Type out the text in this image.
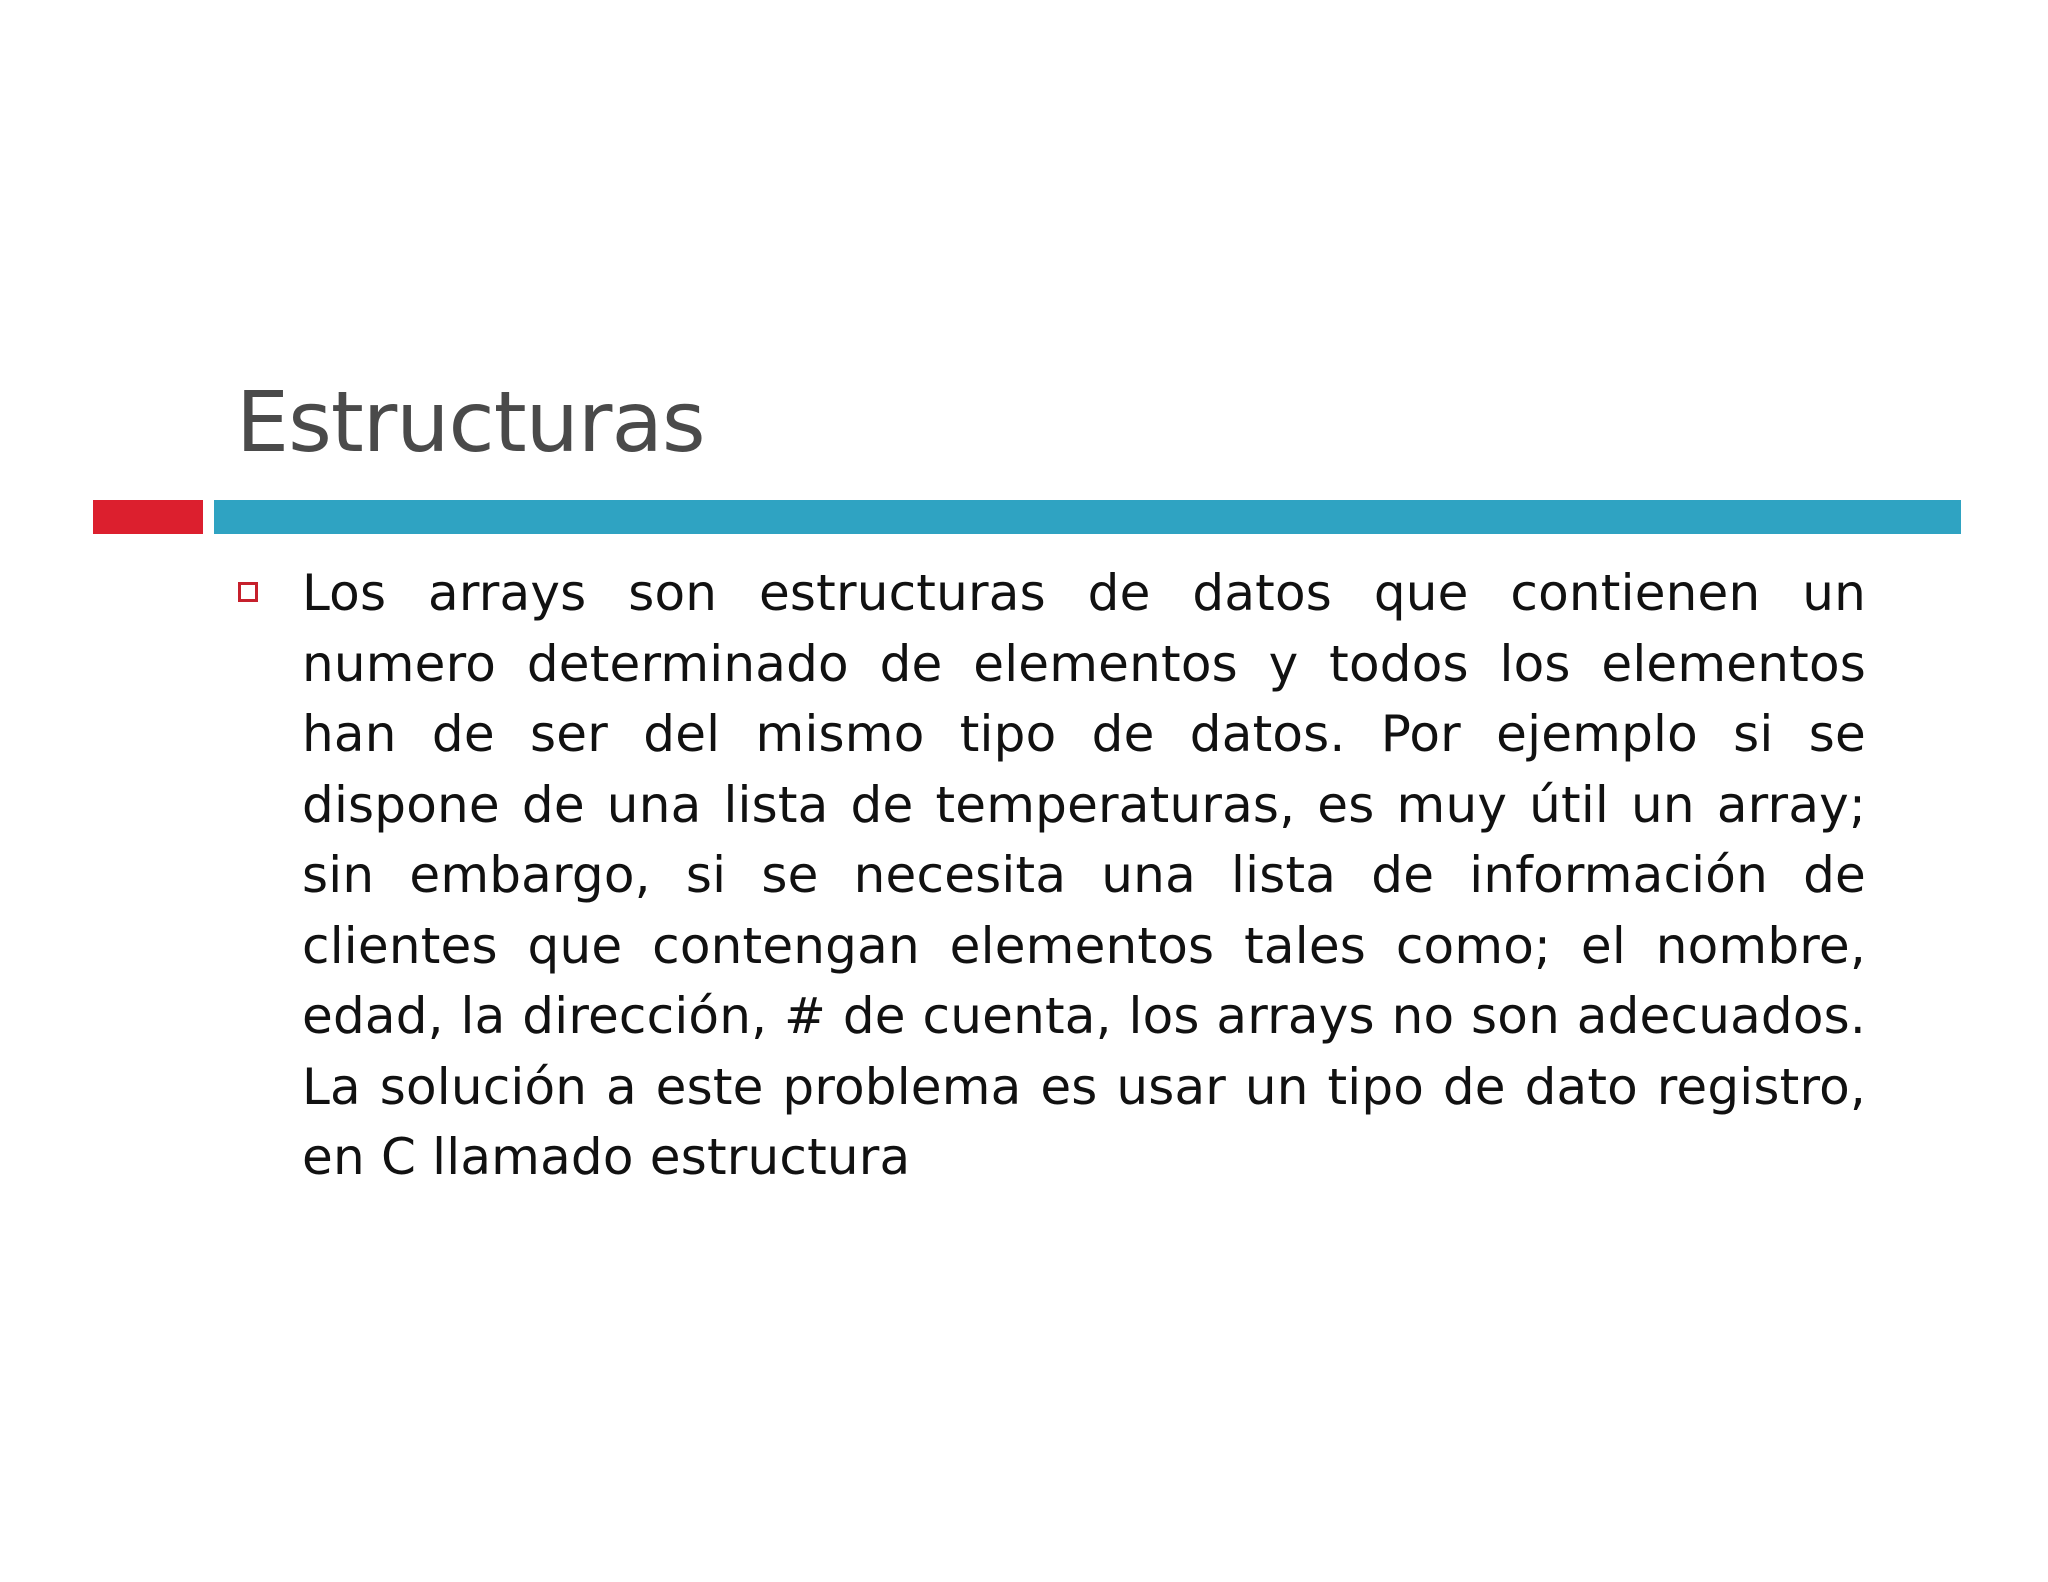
Estructuras
Los arrays son estructuras de datos que contienen un numero determinado de elementos y todos los elementos han de ser del mismo tipo de datos. Por ejemplo si se dispone de una lista de temperaturas, es muy útil un array; sin embargo, si se necesita una lista de información de clientes que contengan elementos tales como; el nombre, edad, la dirección, # de cuenta, los arrays no son adecuados. La solución a este problema es usar un tipo de dato registro, en C llamado estructura
